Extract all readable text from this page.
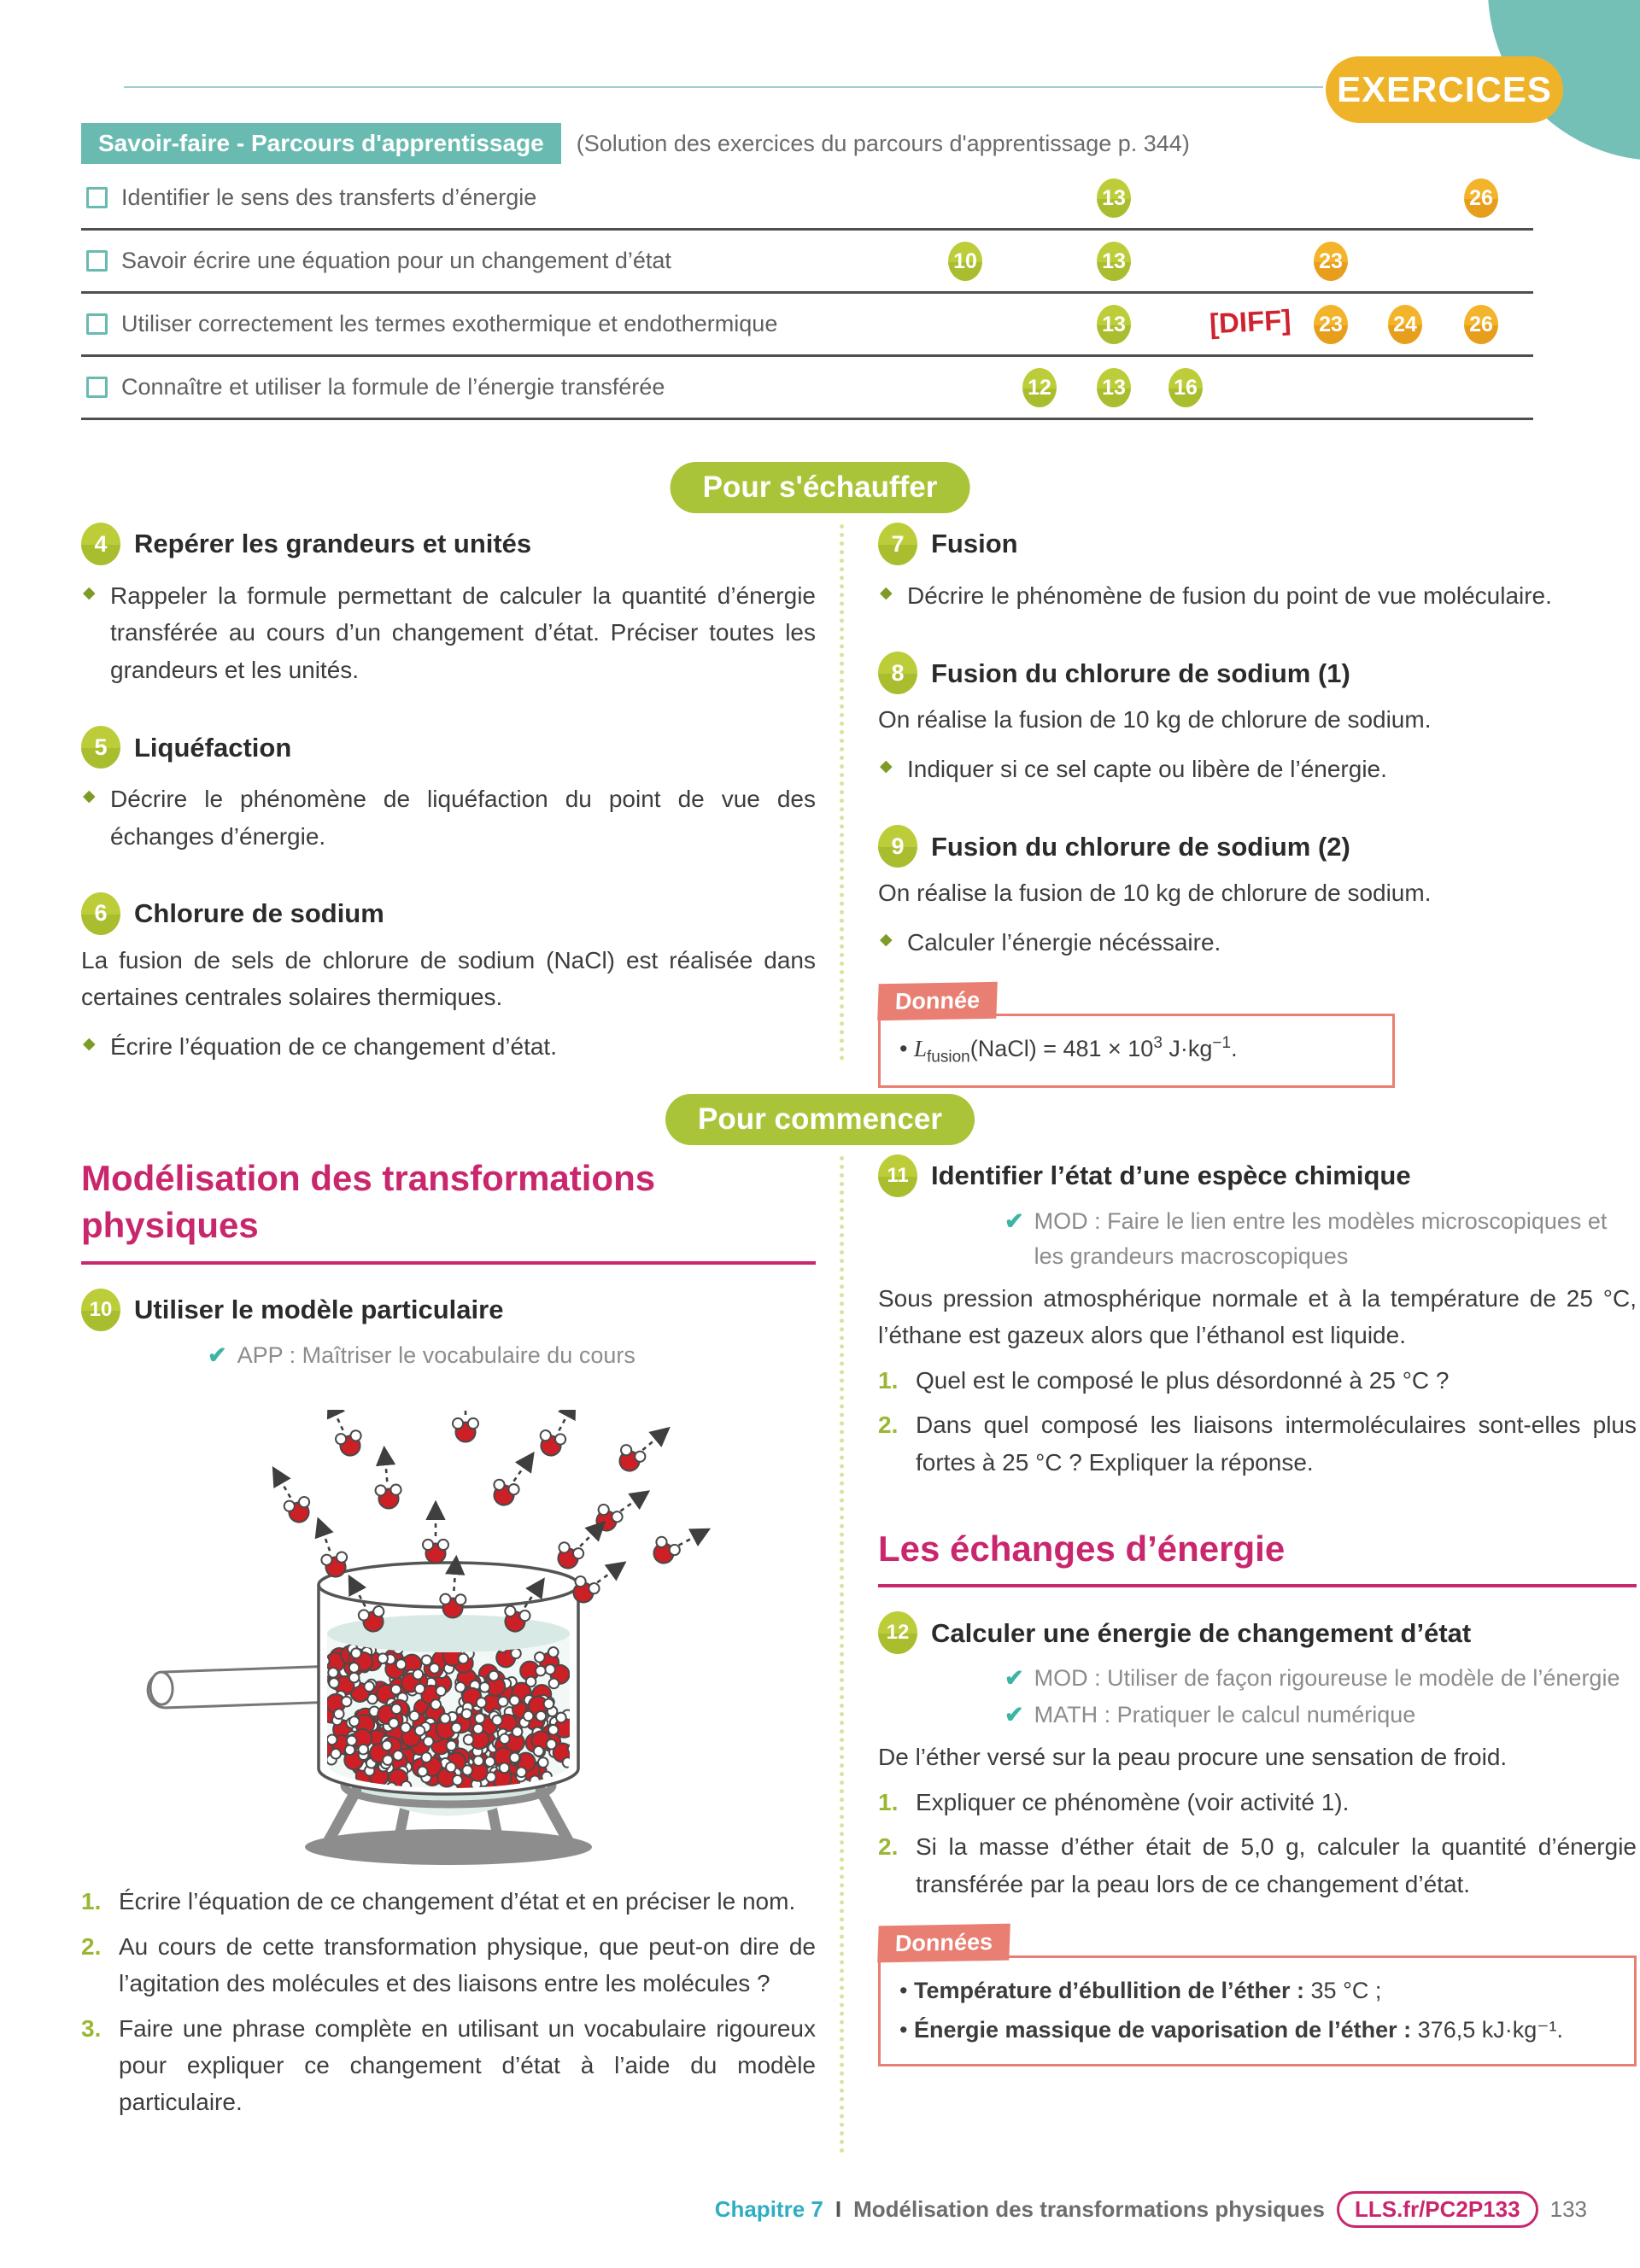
EXERCICES
Savoir-faire - Parcours d'apprentissage	(Solution des exercices du parcours d'apprentissage p. 344)
Identifier le sens des transferts d’énergie	13	26
Savoir écrire une équation pour un changement d’état	10	13	23
Utiliser correctement les termes exothermique et endothermique	13	[DIFF] 23 24 26
Connaître et utiliser la formule de l’énergie transférée	12 13 16
Pour s'échauffer
4	Repérer les grandeurs et unités
◆ Rappeler la formule permettant de calculer la quantité d’énergie transférée au cours d’un changement d’état. Préciser toutes les grandeurs et les unités.
5	Liquéfaction
◆ Décrire le phénomène de liquéfaction du point de vue des échanges d’énergie.
6	Chlorure de sodium

La fusion de sels de chlorure de sodium (NaCl) est réalisée dans certaines centrales solaires thermiques.

◆ Écrire l’équation de ce changement d’état.
7	Fusion
◆ Décrire le phénomène de fusion du point de vue moléculaire.
8	Fusion du chlorure de sodium (1)

On réalise la fusion de 10 kg de chlorure de sodium.

◆ Indiquer si ce sel capte ou libère de l’énergie.
9	Fusion du chlorure de sodium (2)

On réalise la fusion de 10 kg de chlorure de sodium.

◆ Calculer l’énergie nécéssaire.
Donnée
• $L_{fusion}(NaCl) = 481 \times 10^3$ $J\cdot kg^{-1}$.
Pour commencer
Modélisation des transformations physiques
10 Utiliser le modèle particulaire
✔ APP : Maîtriser le vocabulaire du cours
1. Écrire l’équation de ce changement d’état et en préciser le nom.
2. Au cours de cette transformation physique, que peut-on dire de l’agitation des molécules et des liaisons entre les molécules ?
3. Faire une phrase complète en utilisant un vocabulaire rigoureux pour expliquer ce changement d’état à l’aide du modèle particulaire.
11 Identifier l’état d’une espèce chimique
✔ MOD : Faire le lien entre les modèles microscopiques et les grandeurs macroscopiques

Sous pression atmosphérique normale et à la température de 25 °C, l’éthane est gazeux alors que l’éthanol est liquide.

1. Quel est le composé le plus désordonné à 25 °C ?
2. Dans quel composé les liaisons intermoléculaires sont-elles plus fortes à 25 °C ? Expliquer la réponse.
Les échanges d’énergie
12 Calculer une énergie de changement d’état
✔ MOD : Utiliser de façon rigoureuse le modèle de l’énergie
✔ MATH : Pratiquer le calcul numérique

De l’éther versé sur la peau procure une sensation de froid.

1. Expliquer ce phénomène (voir activité 1).
2. Si la masse d’éther était de 5,0 g, calculer la quantité d’énergie transférée par la peau lors de ce changement d’état.
Données
• Température d’ébullition de l’éther : 35 °C ;
• Énergie massique de vaporisation de l’éther : 376,5 kJ·kg⁻¹.
Chapitre 7 I Modélisation des transformations physiques	LLS.fr/PC2P133	133
